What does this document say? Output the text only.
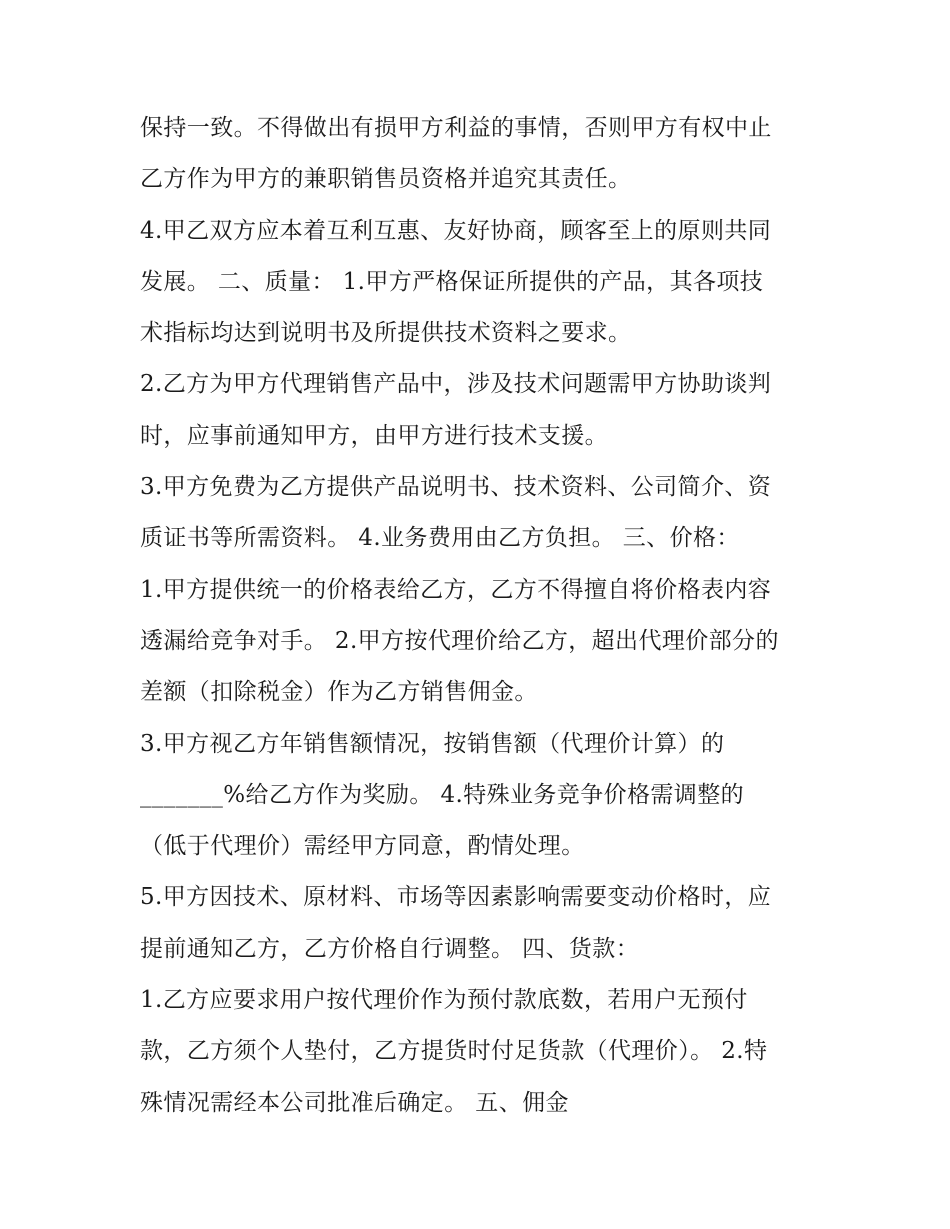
保持一致。不得做出有损甲方利益的事情，否则甲方有权中止
乙方作为甲方的兼职销售员资格并追究其责任。
4.甲乙双方应本着互利互惠、友好协商，顾客至上的原则共同
发展。 二、质量： 1.甲方严格保证所提供的产品，其各项技
术指标均达到说明书及所提供技术资料之要求。
2.乙方为甲方代理销售产品中，涉及技术问题需甲方协助谈判
时，应事前通知甲方，由甲方进行技术支援。
3.甲方免费为乙方提供产品说明书、技术资料、公司简介、资
质证书等所需资料。 4.业务费用由乙方负担。 三、价格：
1.甲方提供统一的价格表给乙方，乙方不得擅自将价格表内容
透漏给竞争对手。 2.甲方按代理价给乙方，超出代理价部分的
差额（扣除税金）作为乙方销售佣金。
3.甲方视乙方年销售额情况，按销售额（代理价计算）的
_______%给乙方作为奖励。 4.特殊业务竞争价格需调整的
（低于代理价）需经甲方同意，酌情处理。
5.甲方因技术、原材料、市场等因素影响需要变动价格时，应
提前通知乙方，乙方价格自行调整。 四、货款：
1.乙方应要求用户按代理价作为预付款底数，若用户无预付
款，乙方须个人垫付，乙方提货时付足货款（代理价）。 2.特
殊情况需经本公司批准后确定。 五、佣金
